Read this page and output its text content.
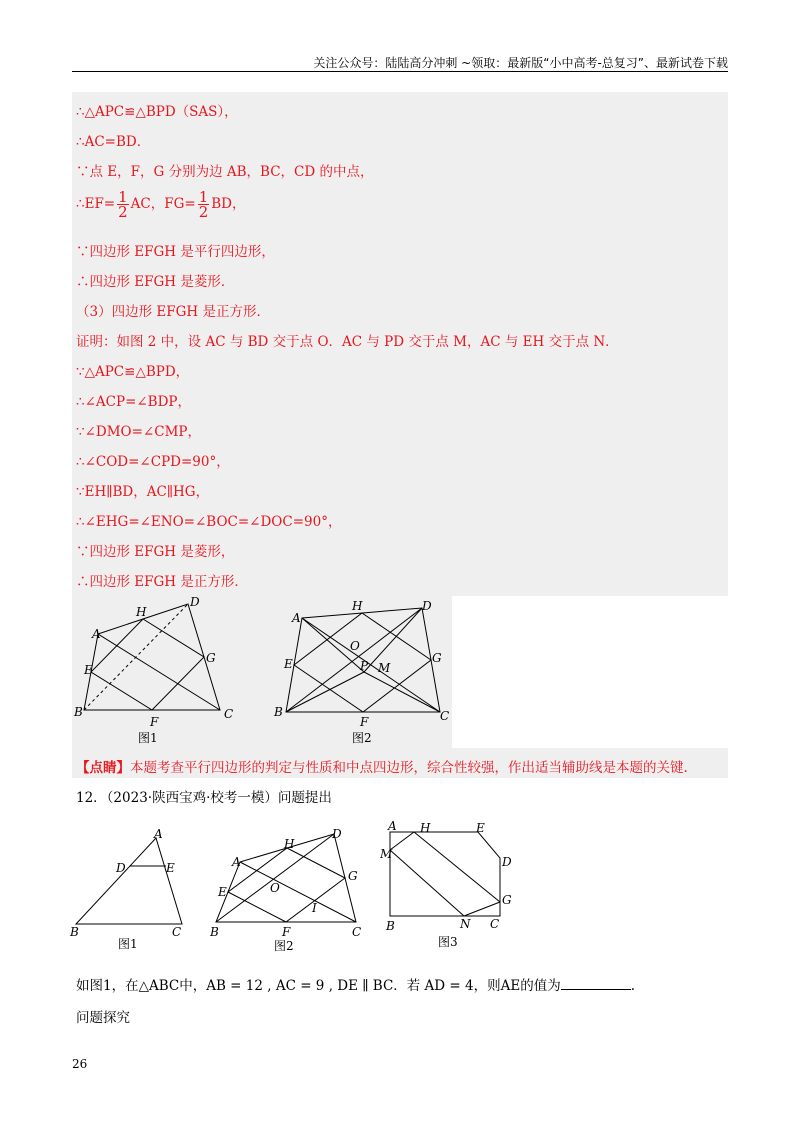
关注公众号：陆陆高分冲刺 ~领取：最新版“小中高考-总复习”、最新试卷下载
∴△APC≌△BPD（SAS），
∴AC=BD．
∵点 E，F，G 分别为边 AB，BC，CD 的中点，
∴EF= $\frac{1}{2}$ AC，$FG= \frac{1}{2}$ BD，
∵四边形 EFGH 是平行四边形，
∴四边形 EFGH 是菱形．
（3）四边形 EFGH 是正方形．
证明：如图 2 中，设 AC 与 BD 交于点 O．AC 与 PD 交于点 M，AC 与 EH 交于点 N．
∵△APC≌△BPD，
∴∠ACP=∠BDP，
∵∠DMO=∠CMP，
∴∠COD=∠CPD=90°，
∵EH∥BD，AC∥HG，
∴∠EHG=∠ENO=∠BOC=∠DOC=90°，
∵四边形 EFGH 是菱形，
∴四边形 EFGH 是正方形．
H
A
D
E
G
B
F
C
图1
A
H	D
E
O
P M
G
B
F	C
图2
【点睛】本题考查平行四边形的判定与性质和中点四边形，综合性较强，作出适当辅助线是本题的关键.
12．（2023·陕西宝鸡·校考一模）问题提出
A
D	E
B	C
图1
A
H
D
E	O
I
G
B	F	C
图2
A H	E
M
D
G
B	N C
图3
如图1，在△ABC中，AB = 12 , AC = 9 , DE ∥ BC．若 AD = 4，则AE的值为	.
问题探究
26
